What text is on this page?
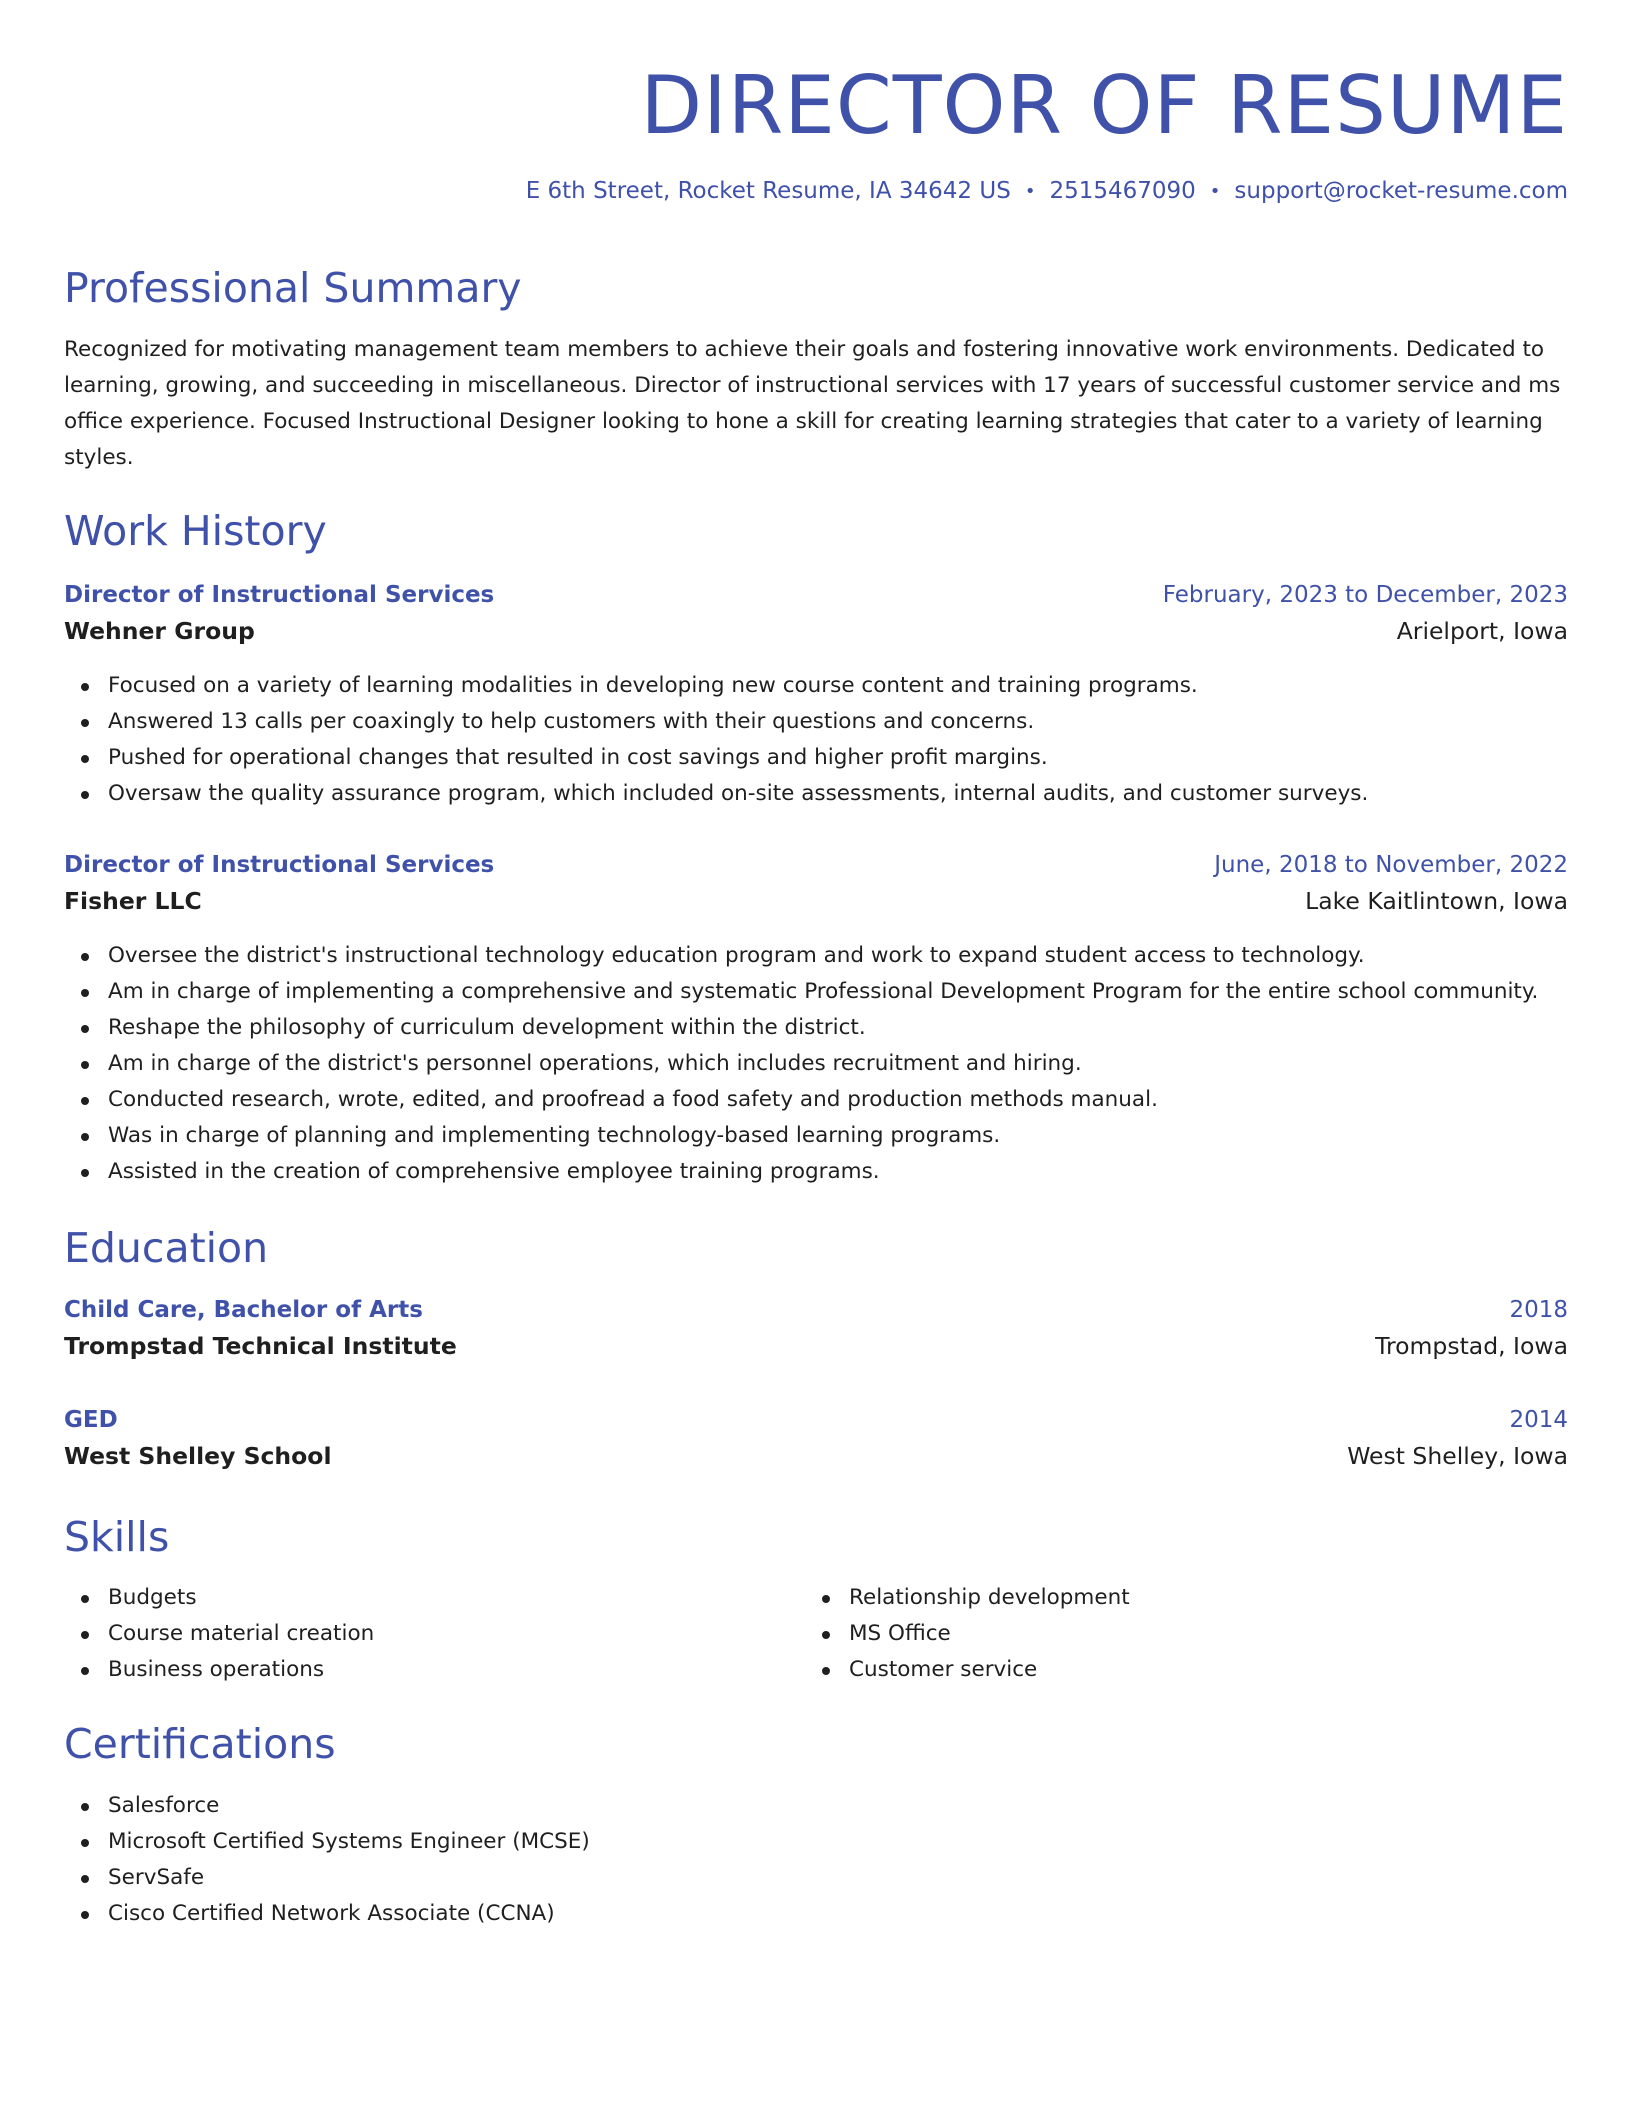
DIRECTOR OF RESUME
E 6th Street, Rocket Resume, IA 34642 US • 2515467090 • support@rocket-resume.com
Professional Summary

Recognized for motivating management team members to achieve their goals and fostering innovative work environments. Dedicated to learning, growing, and succeeding in miscellaneous. Director of instructional services with 17 years of successful customer service and ms office experience. Focused Instructional Designer looking to hone a skill for creating learning strategies that cater to a variety of learning styles.

Work History
Director of Instructional Services	February, 2023 to December, 2023
Wehner Group	Arielport, Iowa
Focused on a variety of learning modalities in developing new course content and training programs.
Answered 13 calls per coaxingly to help customers with their questions and concerns.
Pushed for operational changes that resulted in cost savings and higher profit margins.
Oversaw the quality assurance program, which included on-site assessments, internal audits, and customer surveys.
Director of Instructional Services	June, 2018 to November, 2022
Fisher LLC	Lake Kaitlintown, Iowa
Oversee the district's instructional technology education program and work to expand student access to technology.
Am in charge of implementing a comprehensive and systematic Professional Development Program for the entire school community.
Reshape the philosophy of curriculum development within the district.
Am in charge of the district's personnel operations, which includes recruitment and hiring.
Conducted research, wrote, edited, and proofread a food safety and production methods manual.
Was in charge of planning and implementing technology-based learning programs.
Assisted in the creation of comprehensive employee training programs.
Education
Child Care, Bachelor of Arts	2018
Trompstad Technical Institute	Trompstad, Iowa
GED	2014
West Shelley School	West Shelley, Iowa
Skills
Budgets
Course material creation
Business operations
Relationship development
MS Office
Customer service
Certifications
Salesforce
Microsoft Certified Systems Engineer (MCSE)
ServSafe
Cisco Certified Network Associate (CCNA)
